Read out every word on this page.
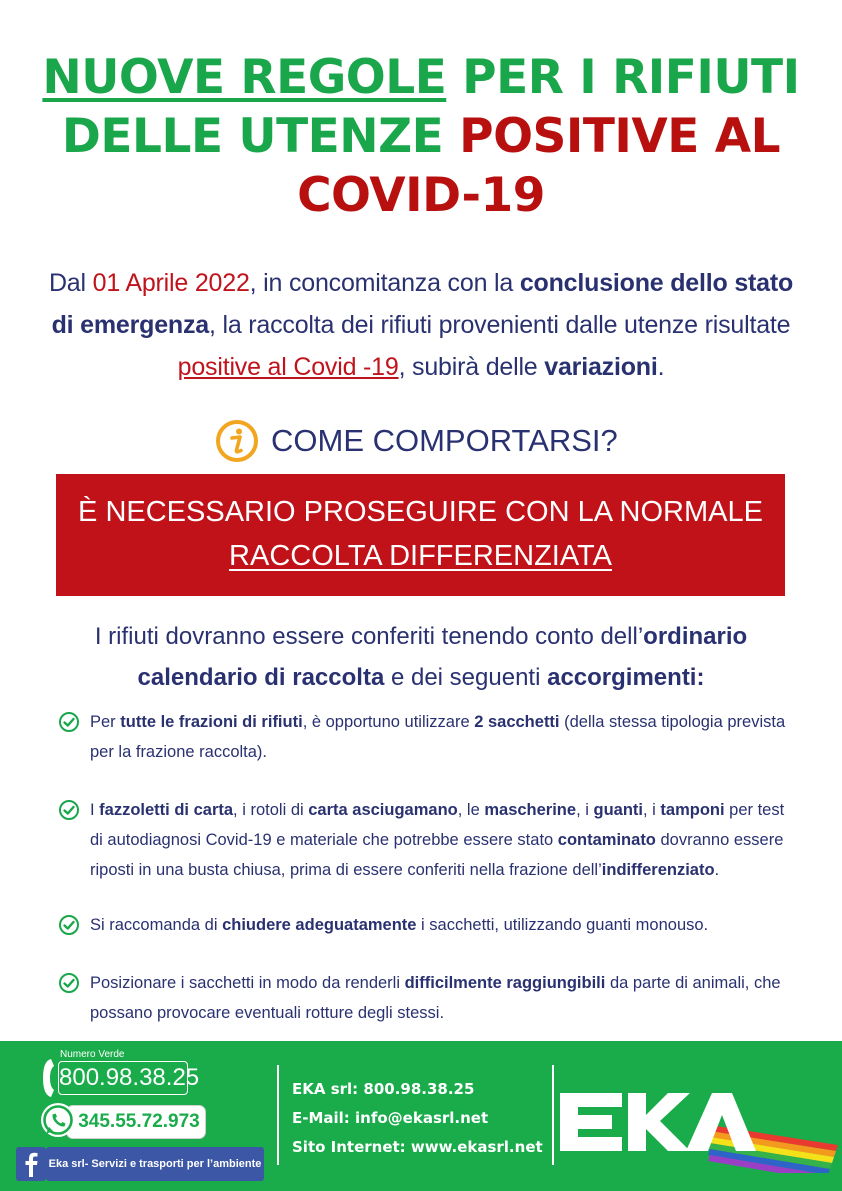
NUOVE REGOLE PER I RIFIUTI
DELLE UTENZE POSITIVE AL
COVID-19
Dal 01 Aprile 2022, in concomitanza con la conclusione dello stato di emergenza, la raccolta dei rifiuti provenienti dalle utenze risultate positive al Covid -19, subirà delle variazioni.
COME COMPORTARSI?
È NECESSARIO PROSEGUIRE CON LA NORMALE
RACCOLTA DIFFERENZIATA
I rifiuti dovranno essere conferiti tenendo conto dell’ordinario calendario di raccolta e dei seguenti accorgimenti:
Per tutte le frazioni di rifiuti, è opportuno utilizzare 2 sacchetti (della stessa tipologia prevista per la frazione raccolta).
I fazzoletti di carta, i rotoli di carta asciugamano, le mascherine, i guanti, i tamponi per test di autodiagnosi Covid-19 e materiale che potrebbe essere stato contaminato dovranno essere riposti in una busta chiusa, prima di essere conferiti nella frazione dell’indifferenziato.
Si raccomanda di chiudere adeguatamente i sacchetti, utilizzando guanti monouso.
Posizionare i sacchetti in modo da renderli difficilmente raggiungibili da parte di animali, che possano provocare eventuali rotture degli stessi.
Numero Verde
800.98.38.25
345.55.72.973
Eka srl- Servizi e trasporti per l’ambiente
EKA srl: 800.98.38.25
E-Mail: info@ekasrl.net
Sito Internet: www.ekasrl.net
